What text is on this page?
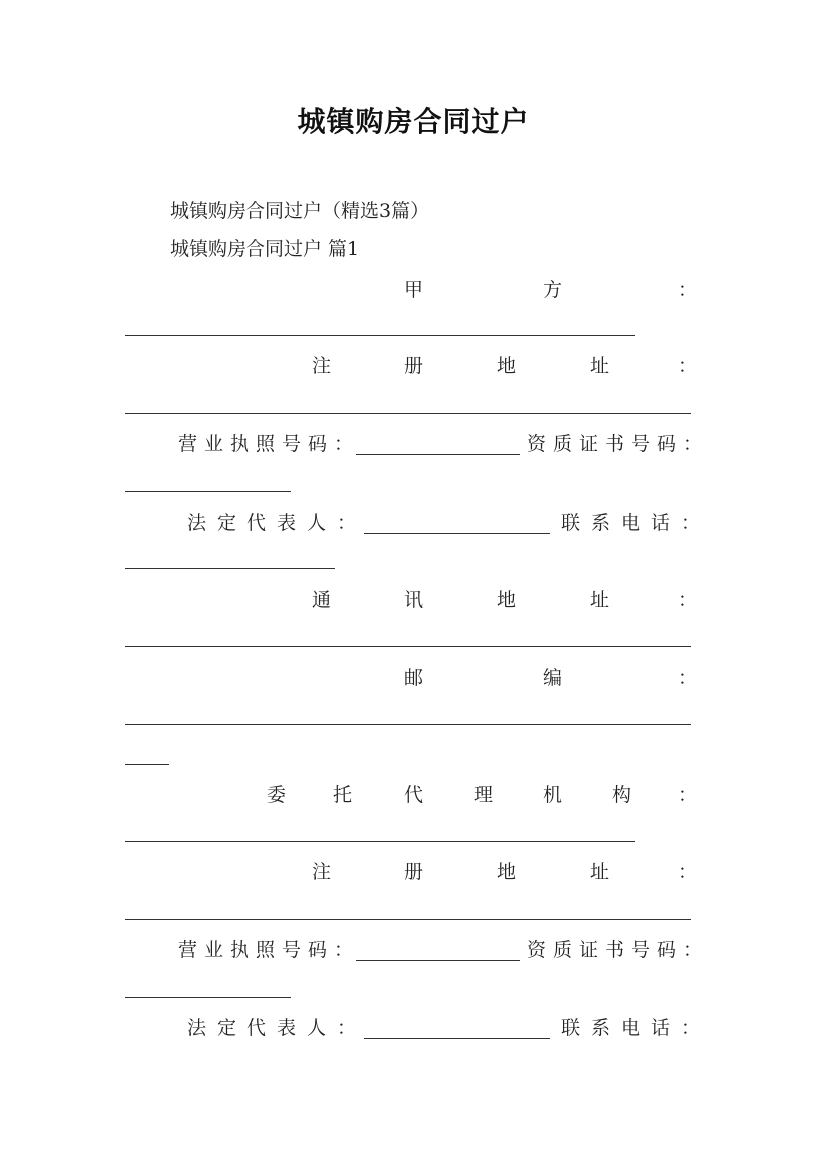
城镇购房合同过户
城镇购房合同过户（精选3篇）
城镇购房合同过户 篇1
甲	方	：
注	册	地	址	：
营业执照号码：	资质证书号码：
法定代表人：	联系电话：
通	讯	地	址	：
邮	编	：
委 托	代	理	机	构 ：
注	册	地	址	：
营业执照号码：	资质证书号码：
法定代表人：	联系电话：
